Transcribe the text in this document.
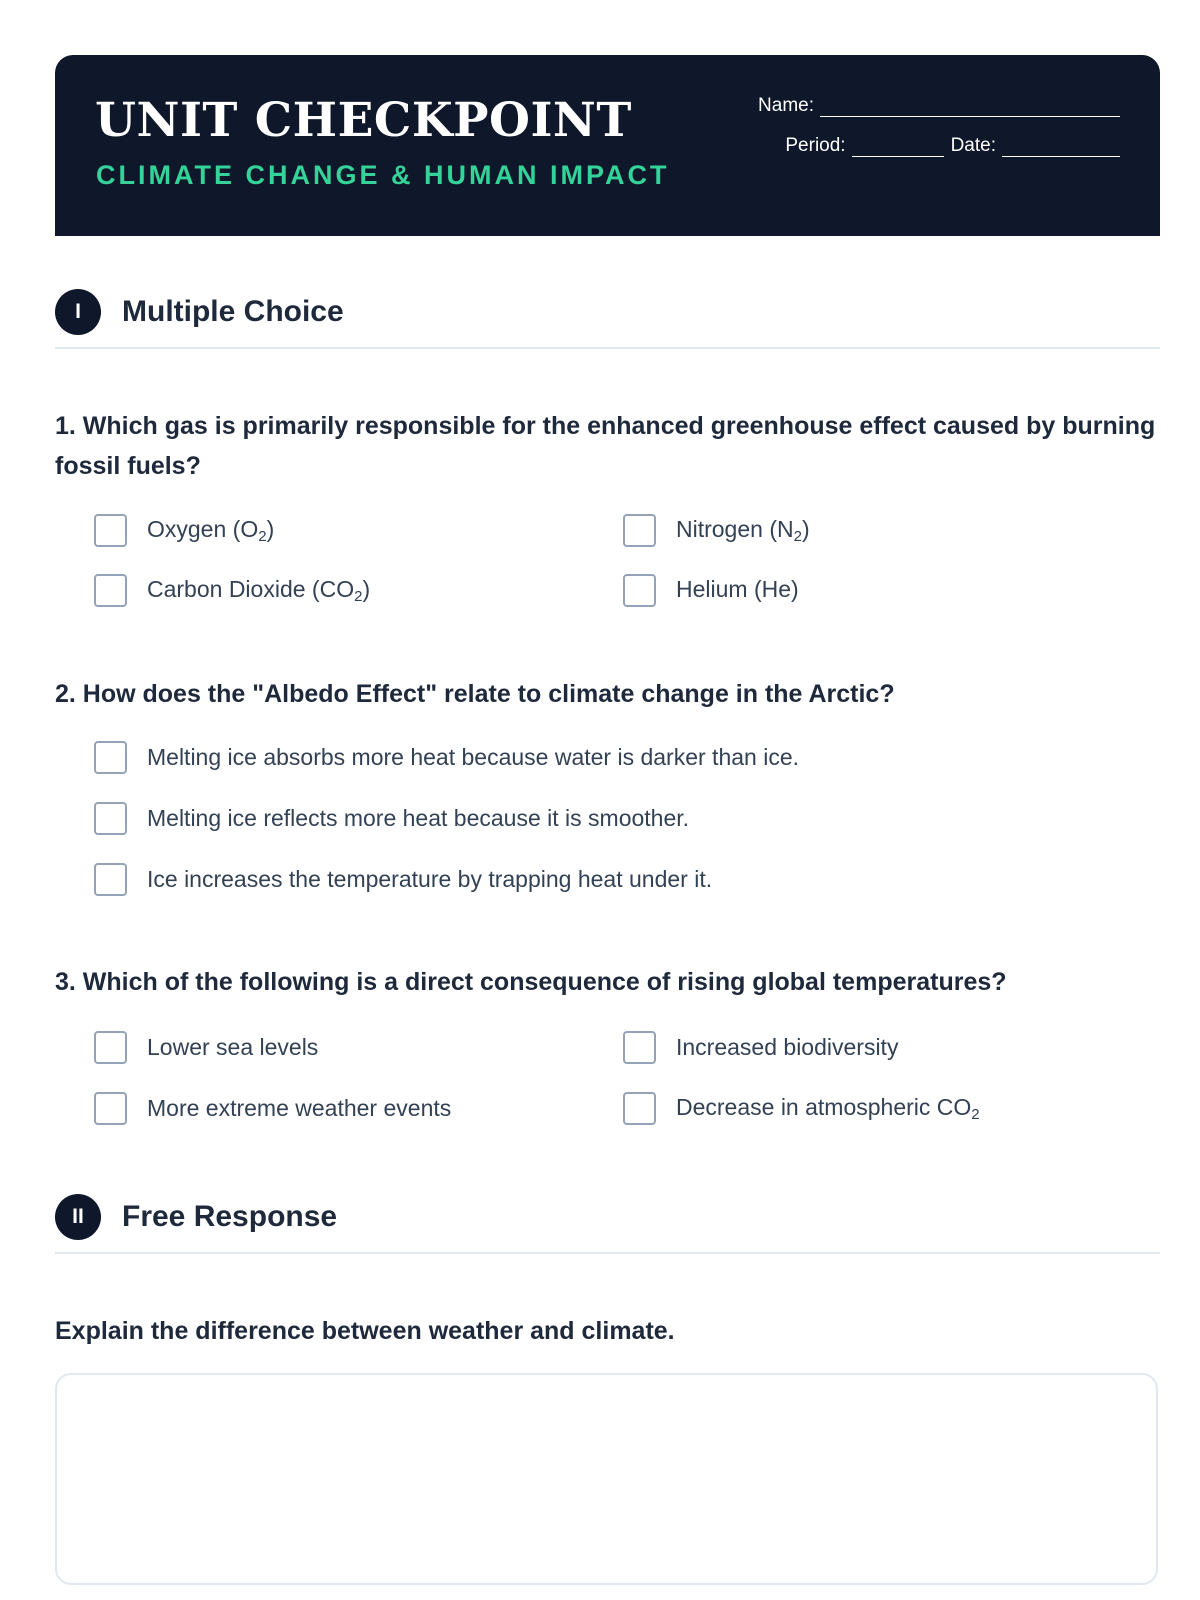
UNIT CHECKPOINT
CLIMATE CHANGE & HUMAN IMPACT
Name:
Period:	Date:
I	Multiple Choice
1. Which gas is primarily responsible for the enhanced greenhouse effect caused by burning fossil fuels?
Oxygen $(O_2)$	Nitrogen $(N_2)$
Carbon Dioxide $(CO_2)$	Helium (He)
2. How does the "Albedo Effect" relate to climate change in the Arctic?
Melting ice absorbs more heat because water is darker than ice.
Melting ice reflects more heat because it is smoother.
Ice increases the temperature by trapping heat under it.
3. Which of the following is a direct consequence of rising global temperatures?
Lower sea levels	Increased biodiversity
More extreme weather events	Decrease in atmospheric $CO_2$
II	Free Response
Explain the difference between weather and climate.
